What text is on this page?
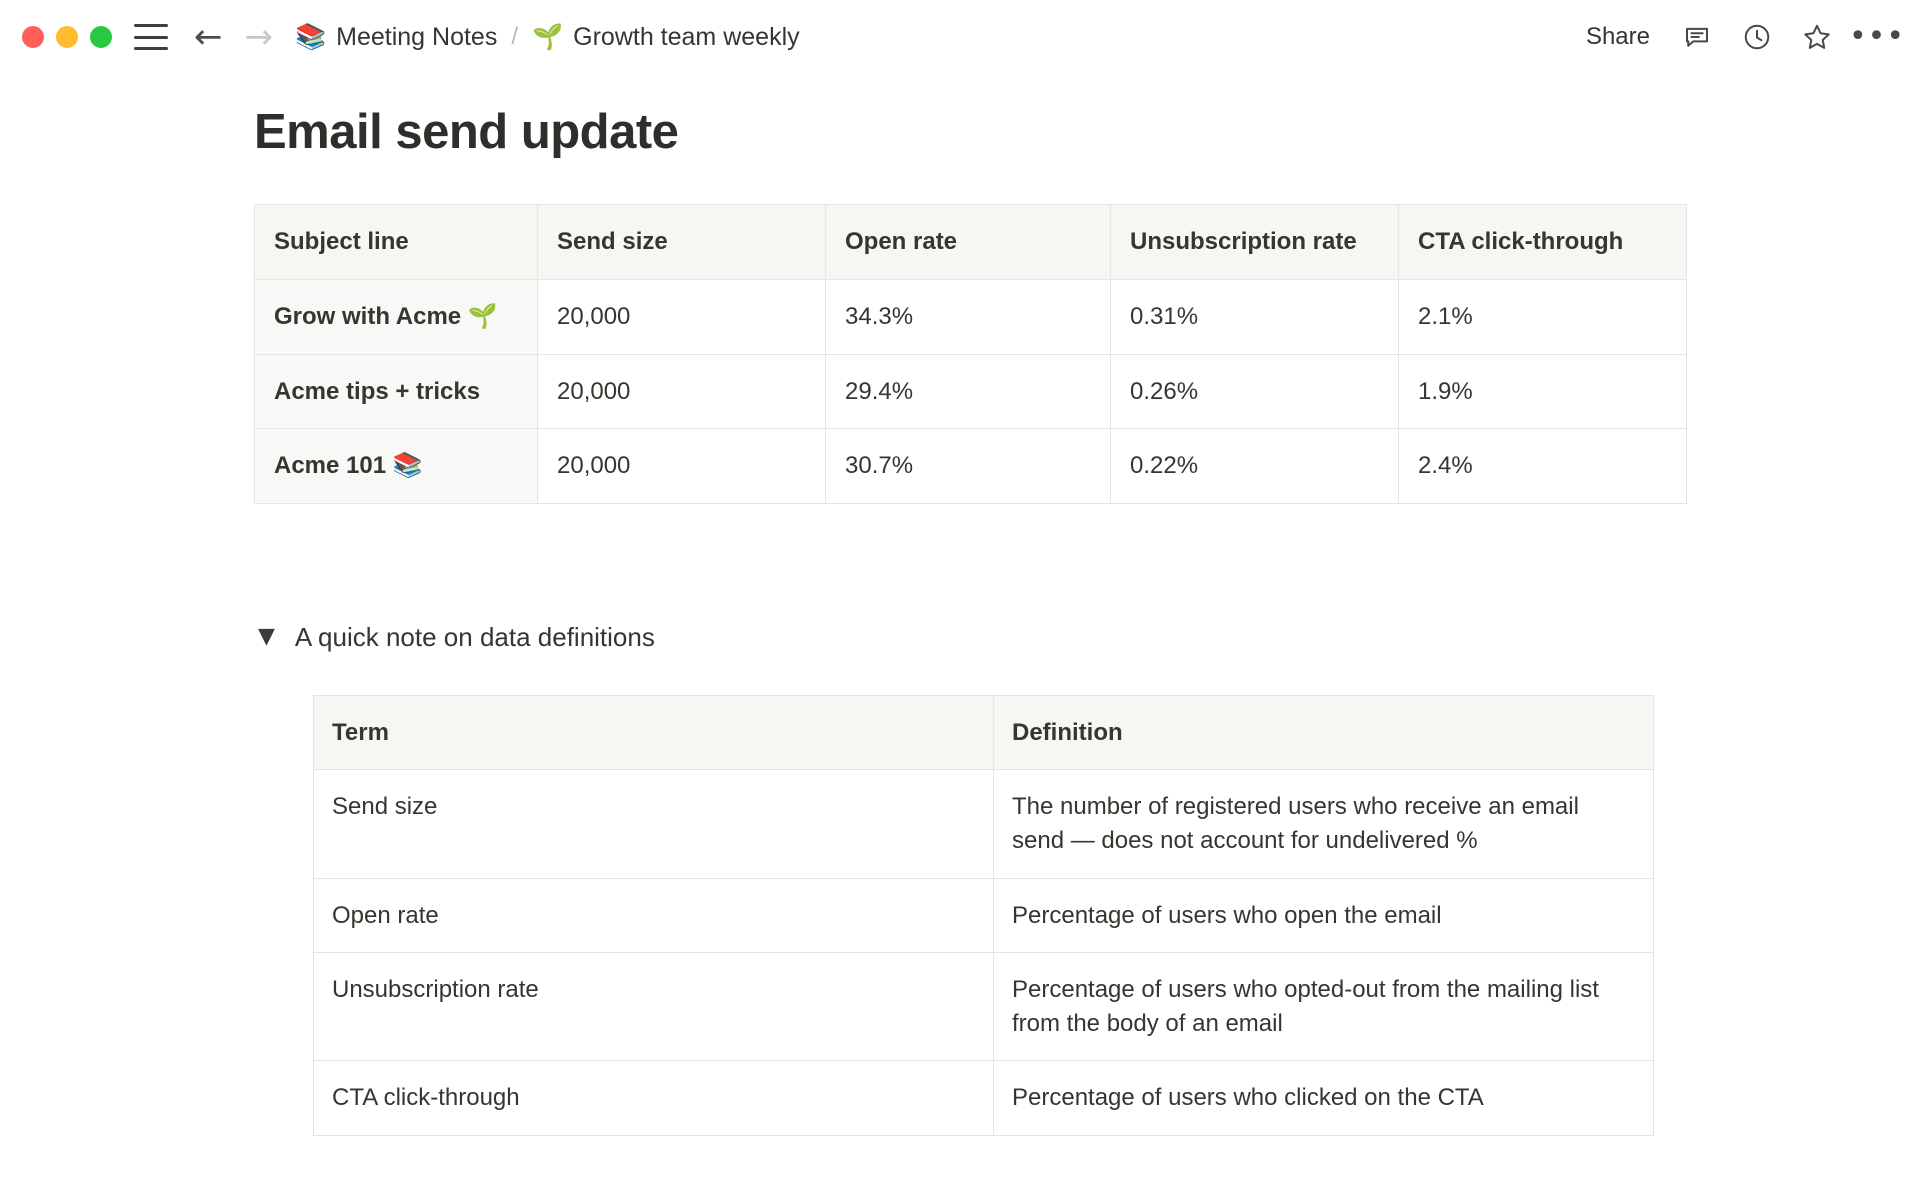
← → 📚 Meeting Notes / 🌱 Growth team weekly	Share	•••
Email send update
Subject line	Send size	Open rate	Unsubscription rate	CTA click-through
Grow with Acme 🌱	20,000	34.3%	0.31%	2.1%
Acme tips + tricks	20,000	29.4%	0.26%	1.9%
Acme 101 📚	20,000	30.7%	0.22%	2.4%
▼ A quick note on data definitions
Term	Definition
Send size	The number of registered users who receive an email send — does not account for undelivered %
Open rate	Percentage of users who open the email
Unsubscription rate	Percentage of users who opted-out from the mailing list from the body of an email
CTA click-through	Percentage of users who clicked on the CTA
